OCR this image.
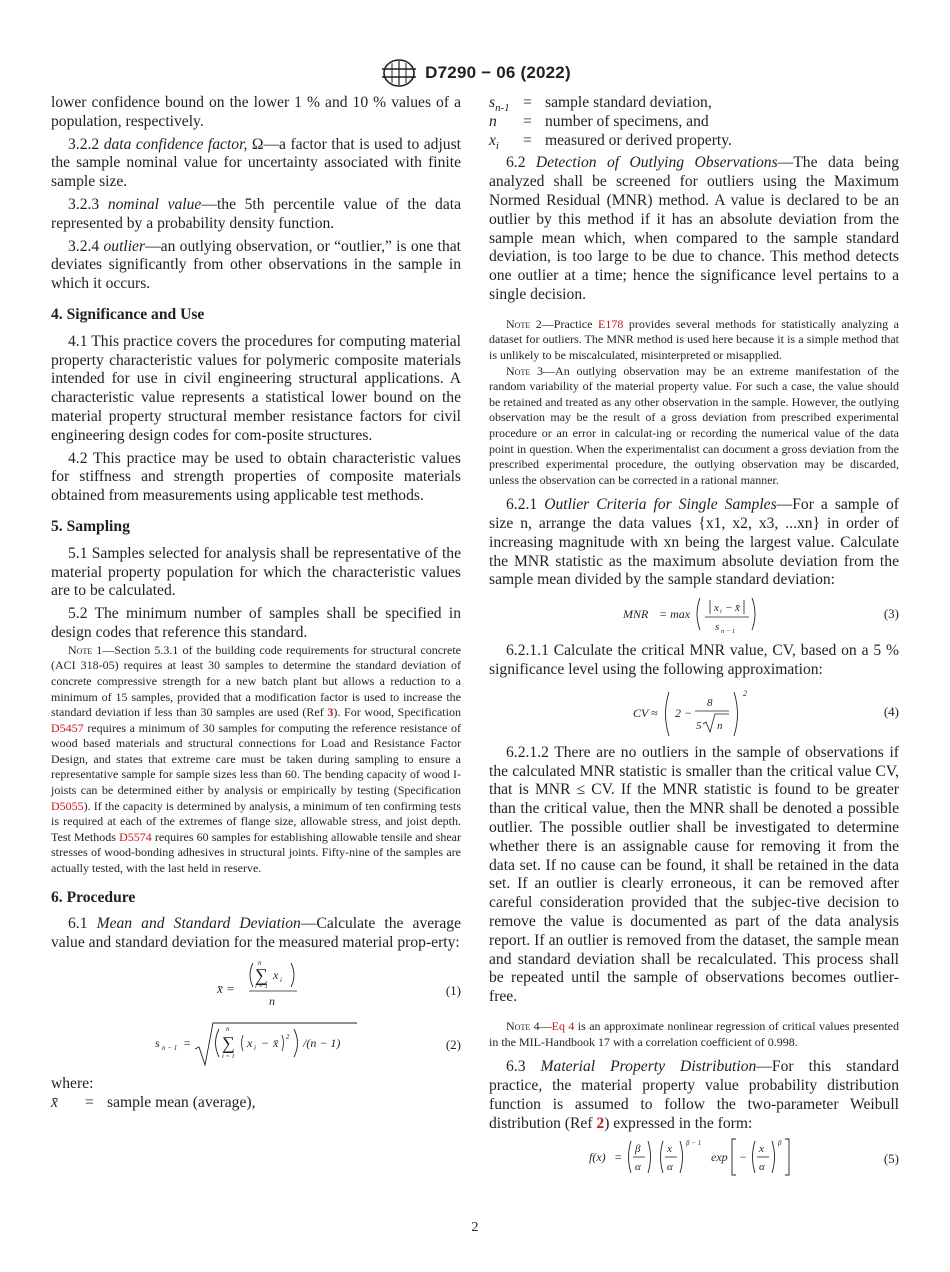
D7290 − 06 (2022)

lower confidence bound on the lower 1 % and 10 % values of a population, respectively.

3.2.2 data confidence factor, Ω—a factor that is used to adjust the sample nominal value for uncertainty associated with finite sample size.

3.2.3 nominal value—the 5th percentile value of the data represented by a probability density function.

3.2.4 outlier—an outlying observation, or “outlier,” is one that deviates significantly from other observations in the sample in which it occurs.

4. Significance and Use

4.1 This practice covers the procedures for computing material property characteristic values for polymeric composite materials intended for use in civil engineering structural applications. A characteristic value represents a statistical lower bound on the material property structural member resistance factors for civil engineering design codes for com-posite structures.

4.2 This practice may be used to obtain characteristic values for stiffness and strength properties of composite materials obtained from measurements using applicable test methods.

5. Sampling

5.1 Samples selected for analysis shall be representative of the material property population for which the characteristic values are to be calculated.

5.2 The minimum number of samples shall be specified in design codes that reference this standard.

Note 1—Section 5.3.1 of the building code requirements for structural concrete (ACI 318-05) requires at least 30 samples to determine the standard deviation of concrete compressive strength for a new batch plant but allows a reduction to a minimum of 15 samples, provided that a modification factor is used to increase the standard deviation if less than 30 samples are used (Ref 3). For wood, Specification D5457 requires a minimum of 30 samples for computing the reference resistance of wood based materials and structural connections for Load and Resistance Factor Design, and states that extreme care must be taken during sampling to ensure a representative sample for sample sizes less than 60. The bending capacity of wood I-joists can be determined either by analysis or empirically by testing (Specification D5055). If the capacity is determined by analysis, a minimum of ten confirming tests is required at each of the extremes of flange size, allowable stress, and joist depth. Test Methods D5574 requires 60 samples for establishing allowable tensile and shear stresses of wood-bonding adhesives in structural joints. Fifty-nine of the samples are actually tested, with the last held in reserve.

6. Procedure

6.1 Mean and Standard Deviation—Calculate the average value and standard deviation for the measured material prop-erty:

x̄ =
n
∑
i = 1
x i
n
(1)
s n − 1 =
n
∑
i = 1
x i − x̄ 2 /(n − 1)	(2)

where:

x̄ = sample mean (average),
$s_{n-1}$ = sample standard deviation,
n = number of specimens, and
$x_i$ = measured or derived property.

6.2 Detection of Outlying Observations—The data being analyzed shall be screened for outliers using the Maximum Normed Residual (MNR) method. A value is declared to be an outlier by this method if it has an absolute deviation from the sample mean which, when compared to the sample standard deviation, is too large to be due to chance. This method detects one outlier at a time; hence the significance level pertains to a single decision.

Note 2—Practice E178 provides several methods for statistically analyzing a dataset for outliers. The MNR method is used here because it is a simple method that is unlikely to be miscalculated, misinterpreted or misapplied.

Note 3—An outlying observation may be an extreme manifestation of the random variability of the material property value. For such a case, the value should be retained and treated as any other observation in the sample. However, the outlying observation may be the result of a gross deviation from prescribed experimental procedure or an error in calculat-ing or recording the numerical value of the data point in question. When the experimentalist can document a gross deviation from the prescribed experimental procedure, the outlying observation may be discarded, unless the observation can be corrected in a rational manner.

6.2.1 Outlier Criteria for Single Samples—For a sample of size n, arrange the data values {x1, x2, x3, ...xn} in order of increasing magnitude with xn being the largest value. Calculate the MNR statistic as the maximum absolute deviation from the sample mean divided by the sample standard deviation:

MNR = max x i − x̄
s n − 1
(3)

6.2.1.1 Calculate the critical MNR value, CV, based on a 5 % significance level using the following approximation:

CV ≈ 2 −
8
5 n
2
(4)

6.2.1.2 There are no outliers in the sample of observations if the calculated MNR statistic is smaller than the critical value CV, that is MNR ≤ CV. If the MNR statistic is found to be greater than the critical value, then the MNR shall be denoted a possible outlier. The possible outlier shall be investigated to determine whether there is an assignable cause for removing it from the data set. If no cause can be found, it shall be retained in the data set. If an outlier is clearly erroneous, it can be removed after careful consideration provided that the subjec-tive decision to remove the value is documented as part of the data analysis report. If an outlier is removed from the dataset, the sample mean and standard deviation shall be recalculated. This process shall be repeated until the sample of observations becomes outlier-free.

Note 4—Eq 4 is an approximate nonlinear regression of critical values presented in the MIL-Handbook 17 with a correlation coefficient of 0.998.

6.3 Material Property Distribution—For this standard practice, the material property value probability distribution function is assumed to follow the two-parameter Weibull distribution (Ref 2) expressed in the form:

f(x) =
β
α
x
α
β − 1
exp −
x
α
β
(5)
2
